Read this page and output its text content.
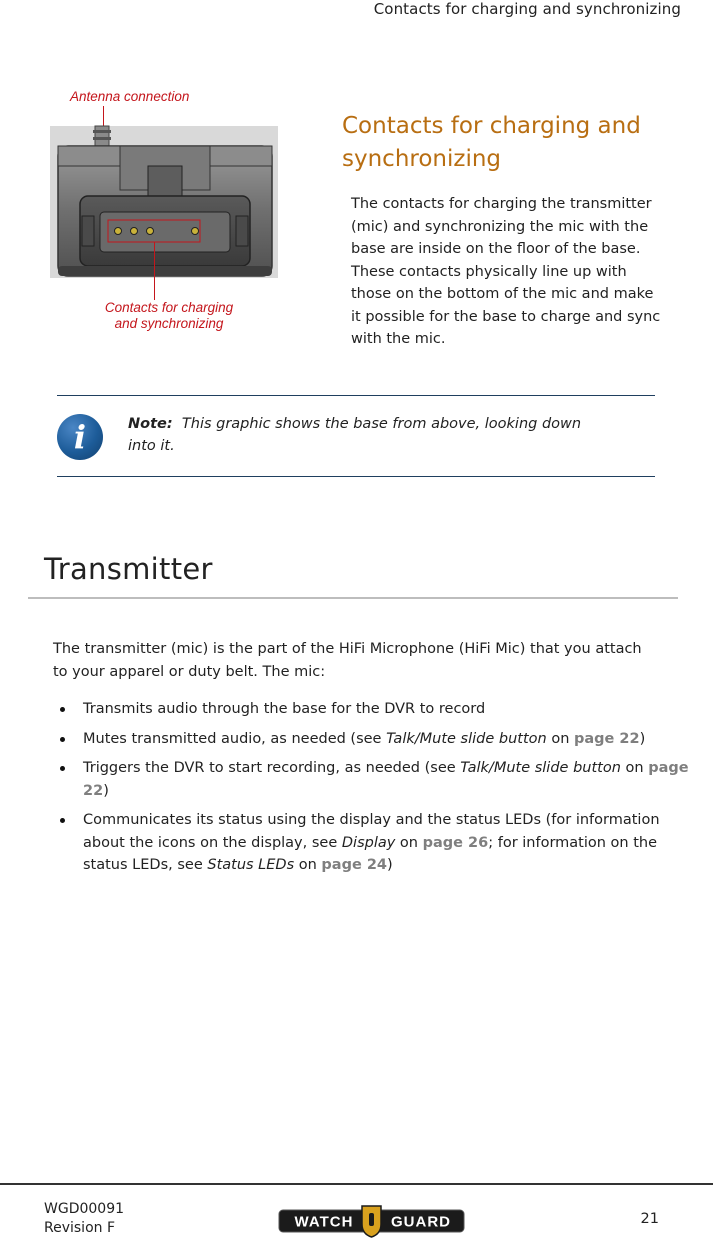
Contacts for charging and synchronizing
Antenna connection
Contacts for charging
and synchronizing
Contacts for charging and synchronizing
The contacts for charging the transmitter (mic) and synchronizing the mic with the base are inside on the floor of the base. These contacts physically line up with those on the bottom of the mic and make it possible for the base to charge and sync with the mic.
i	Note: This graphic shows the base from above, looking down into it.
Transmitter
The transmitter (mic) is the part of the HiFi Microphone (HiFi Mic) that you attach to your apparel or duty belt. The mic:
Transmits audio through the base for the DVR to record
Mutes transmitted audio, as needed (see Talk/Mute slide button on page 22)
Triggers the DVR to start recording, as needed (see Talk/Mute slide button on page 22)
Communicates its status using the display and the status LEDs (for information about the icons on the display, see Display on page 26; for information on the status LEDs, see Status LEDs on page 24)
WGD00091
Revision F	WATCH	GUARD	21
